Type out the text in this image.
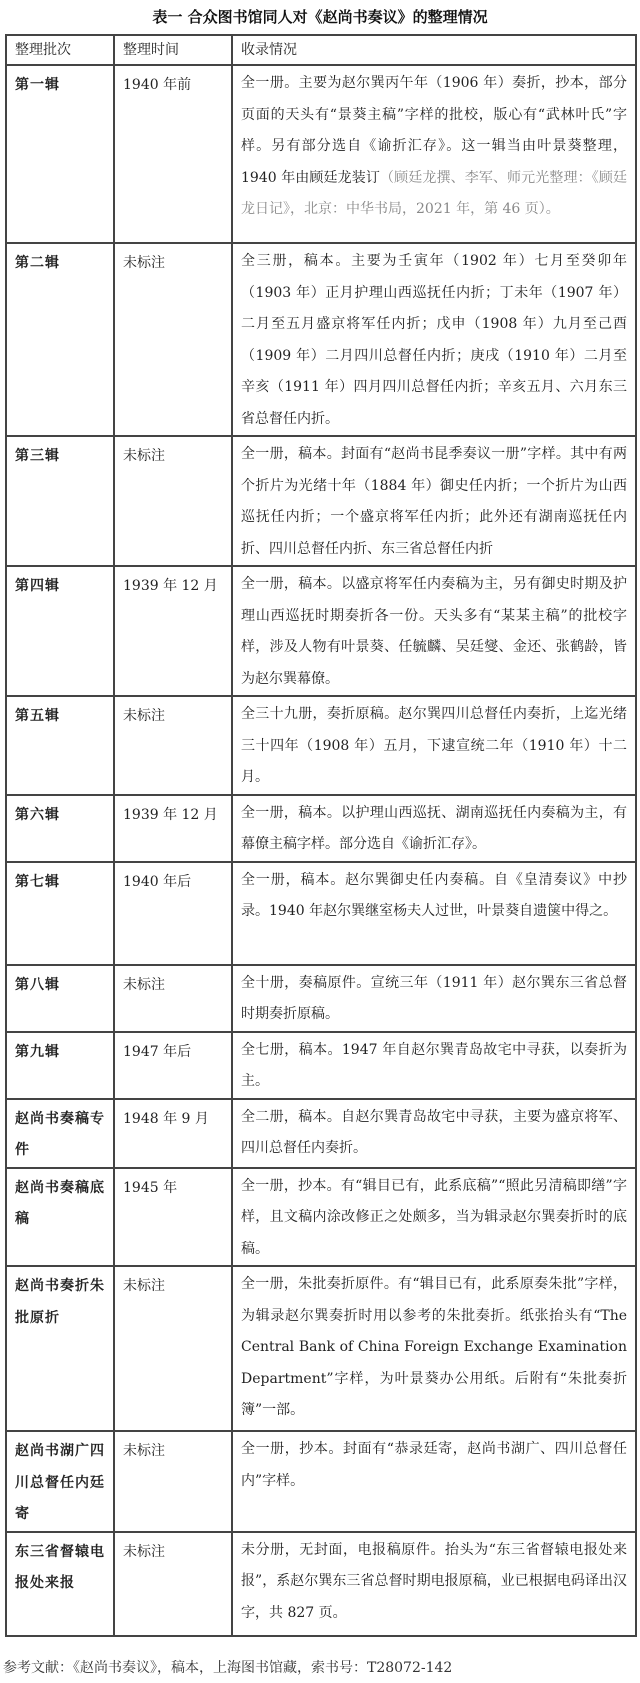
表一 合众图书馆同人对《赵尚书奏议》的整理情况
整理批次	整理时间	收录情况
第一辑	1940 年前	全一册。主要为赵尔巽丙午年（1906 年）奏折，抄本，部分页面的天头有“景葵主稿”字样的批校，版心有“武林叶氏”字样。另有部分选自《谕折汇存》。这一辑当由叶景葵整理，1940 年由顾廷龙装订（顾廷龙撰、李军、师元光整理：《顾廷龙日记》，北京：中华书局，2021 年，第 46 页）。
第二辑	未标注	全三册，稿本。主要为壬寅年（1902 年）七月至癸卯年（1903 年）正月护理山西巡抚任内折；丁未年（1907 年）二月至五月盛京将军任内折；戊申（1908 年）九月至己酉（1909 年）二月四川总督任内折；庚戌（1910 年）二月至辛亥（1911 年）四月四川总督任内折；辛亥五月、六月东三省总督任内折。
第三辑	未标注	全一册，稿本。封面有“赵尚书昆季奏议一册”字样。其中有两个折片为光绪十年（1884 年）御史任内折；一个折片为山西巡抚任内折；一个盛京将军任内折；此外还有湖南巡抚任内折、四川总督任内折、东三省总督任内折
第四辑	1939 年 12 月	全一册，稿本。以盛京将军任内奏稿为主，另有御史时期及护理山西巡抚时期奏折各一份。天头多有“某某主稿”的批校字样，涉及人物有叶景葵、任毓麟、吴廷燮、金还、张鹤龄，皆为赵尔巽幕僚。
第五辑	未标注	全三十九册，奏折原稿。赵尔巽四川总督任内奏折，上迄光绪三十四年（1908 年）五月，下逮宣统二年（1910 年）十二月。
第六辑	1939 年 12 月	全一册，稿本。以护理山西巡抚、湖南巡抚任内奏稿为主，有幕僚主稿字样。部分选自《谕折汇存》。
第七辑	1940 年后	全一册，稿本。赵尔巽御史任内奏稿。自《皇清奏议》中抄录。1940 年赵尔巽继室杨夫人过世，叶景葵自遗箧中得之。
第八辑	未标注	全十册，奏稿原件。宣统三年（1911 年）赵尔巽东三省总督时期奏折原稿。
第九辑	1947 年后	全七册，稿本。1947 年自赵尔巽青岛故宅中寻获，以奏折为主。
赵尚书奏稿专件	1948 年 9 月	全二册，稿本。自赵尔巽青岛故宅中寻获，主要为盛京将军、四川总督任内奏折。
赵尚书奏稿底稿	1945 年	全一册，抄本。有“辑目已有，此系底稿”“照此另清稿即缮”字样，且文稿内涂改修正之处颇多，当为辑录赵尔巽奏折时的底稿。
赵尚书奏折朱批原折	未标注	全一册，朱批奏折原件。有“辑目已有，此系原奏朱批”字样，为辑录赵尔巽奏折时用以参考的朱批奏折。纸张抬头有“The Central Bank of China Foreign Exchange Examination Department”字样，为叶景葵办公用纸。后附有“朱批奏折簿”一部。
赵尚书湖广四川总督任内廷寄	未标注	全一册，抄本。封面有“恭录廷寄，赵尚书湖广、四川总督任内”字样。
东三省督辕电报处来报	未标注	未分册，无封面，电报稿原件。抬头为“东三省督辕电报处来报”，系赵尔巽东三省总督时期电报原稿，业已根据电码译出汉字，共 827 页。
参考文献：《赵尚书奏议》，稿本，上海图书馆藏，索书号：T28072-142
